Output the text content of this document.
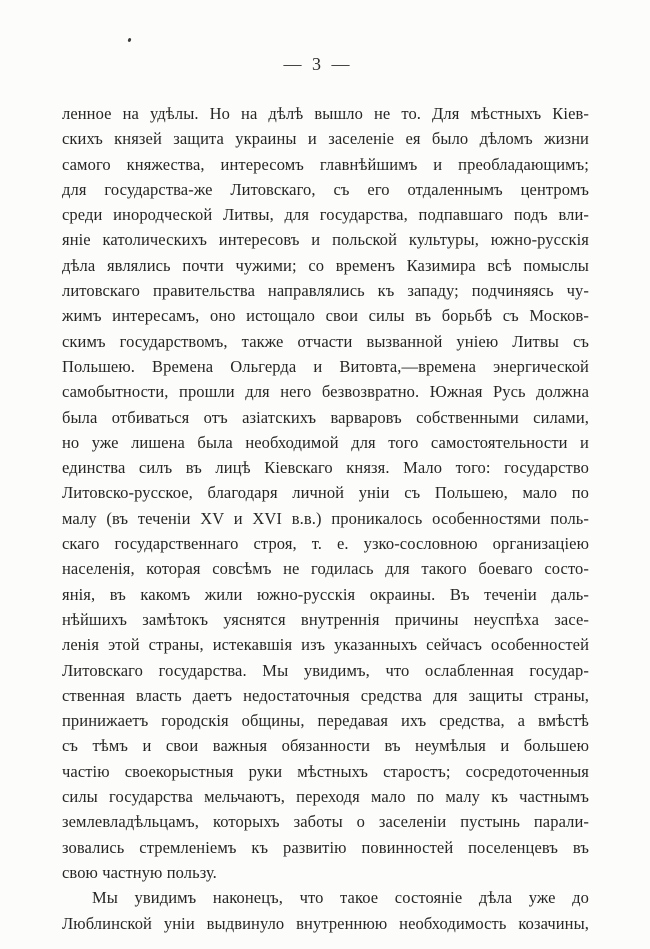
— 3 —
ленное на удѣлы. Но на дѣлѣ вышло не то. Для мѣстныхъ Кіев-
скихъ князей защита украины и заселеніе ея было дѣломъ жизни
самого княжества, интересомъ главнѣйшимъ и преобладающимъ;
для государства-же Литовскаго, съ его отдаленнымъ центромъ
среди инородческой Литвы, для государства, подпавшаго подъ вли-
яніе католическихъ интересовъ и польской культуры, южно-русскія
дѣла являлись почти чужими; со временъ Казимира всѣ помыслы
литовскаго правительства направлялись къ западу; подчиняясь чу-
жимъ интересамъ, оно истощало свои силы въ борьбѣ съ Москов-
скимъ государствомъ, также отчасти вызванной уніею Литвы съ
Польшею. Времена Ольгерда и Витовта,—времена энергической
самобытности, прошли для него безвозвратно. Южная Русь должна
была отбиваться отъ азіатскихъ варваровъ собственными силами,
но уже лишена была необходимой для того самостоятельности и
единства силъ въ лицѣ Кіевскаго князя. Мало того: государство
Литовско-русское, благодаря личной уніи съ Польшею, мало по
малу (въ теченіи XV и XVI в.в.) проникалось особенностями поль-
скаго государственнаго строя, т. е. узко-сословною организаціею
населенія, которая совсѣмъ не годилась для такого боеваго состо-
янія, въ какомъ жили южно-русскія окраины. Въ теченіи даль-
нѣйшихъ замѣтокъ уяснятся внутреннія причины неуспѣха засе-
ленія этой страны, истекавшія изъ указанныхъ сейчасъ особенностей
Литовскаго государства. Мы увидимъ, что ослабленная государ-
ственная власть даетъ недостаточныя средства для защиты страны,
принижаетъ городскія общины, передавая ихъ средства, а вмѣстѣ
съ тѣмъ и свои важныя обязанности въ неумѣлыя и большею
частію своекорыстныя руки мѣстныхъ старостъ; сосредоточенныя
силы государства мельчаютъ, переходя мало по малу къ частнымъ
землевладѣльцамъ, которыхъ заботы о заселеніи пустынь парали-
зовались стремленіемъ къ развитію повинностей поселенцевъ въ
свою частную пользу.
Мы увидимъ наконецъ, что такое состояніе дѣла уже до
Люблинской уніи выдвинуло внутреннюю необходимость козачины,
